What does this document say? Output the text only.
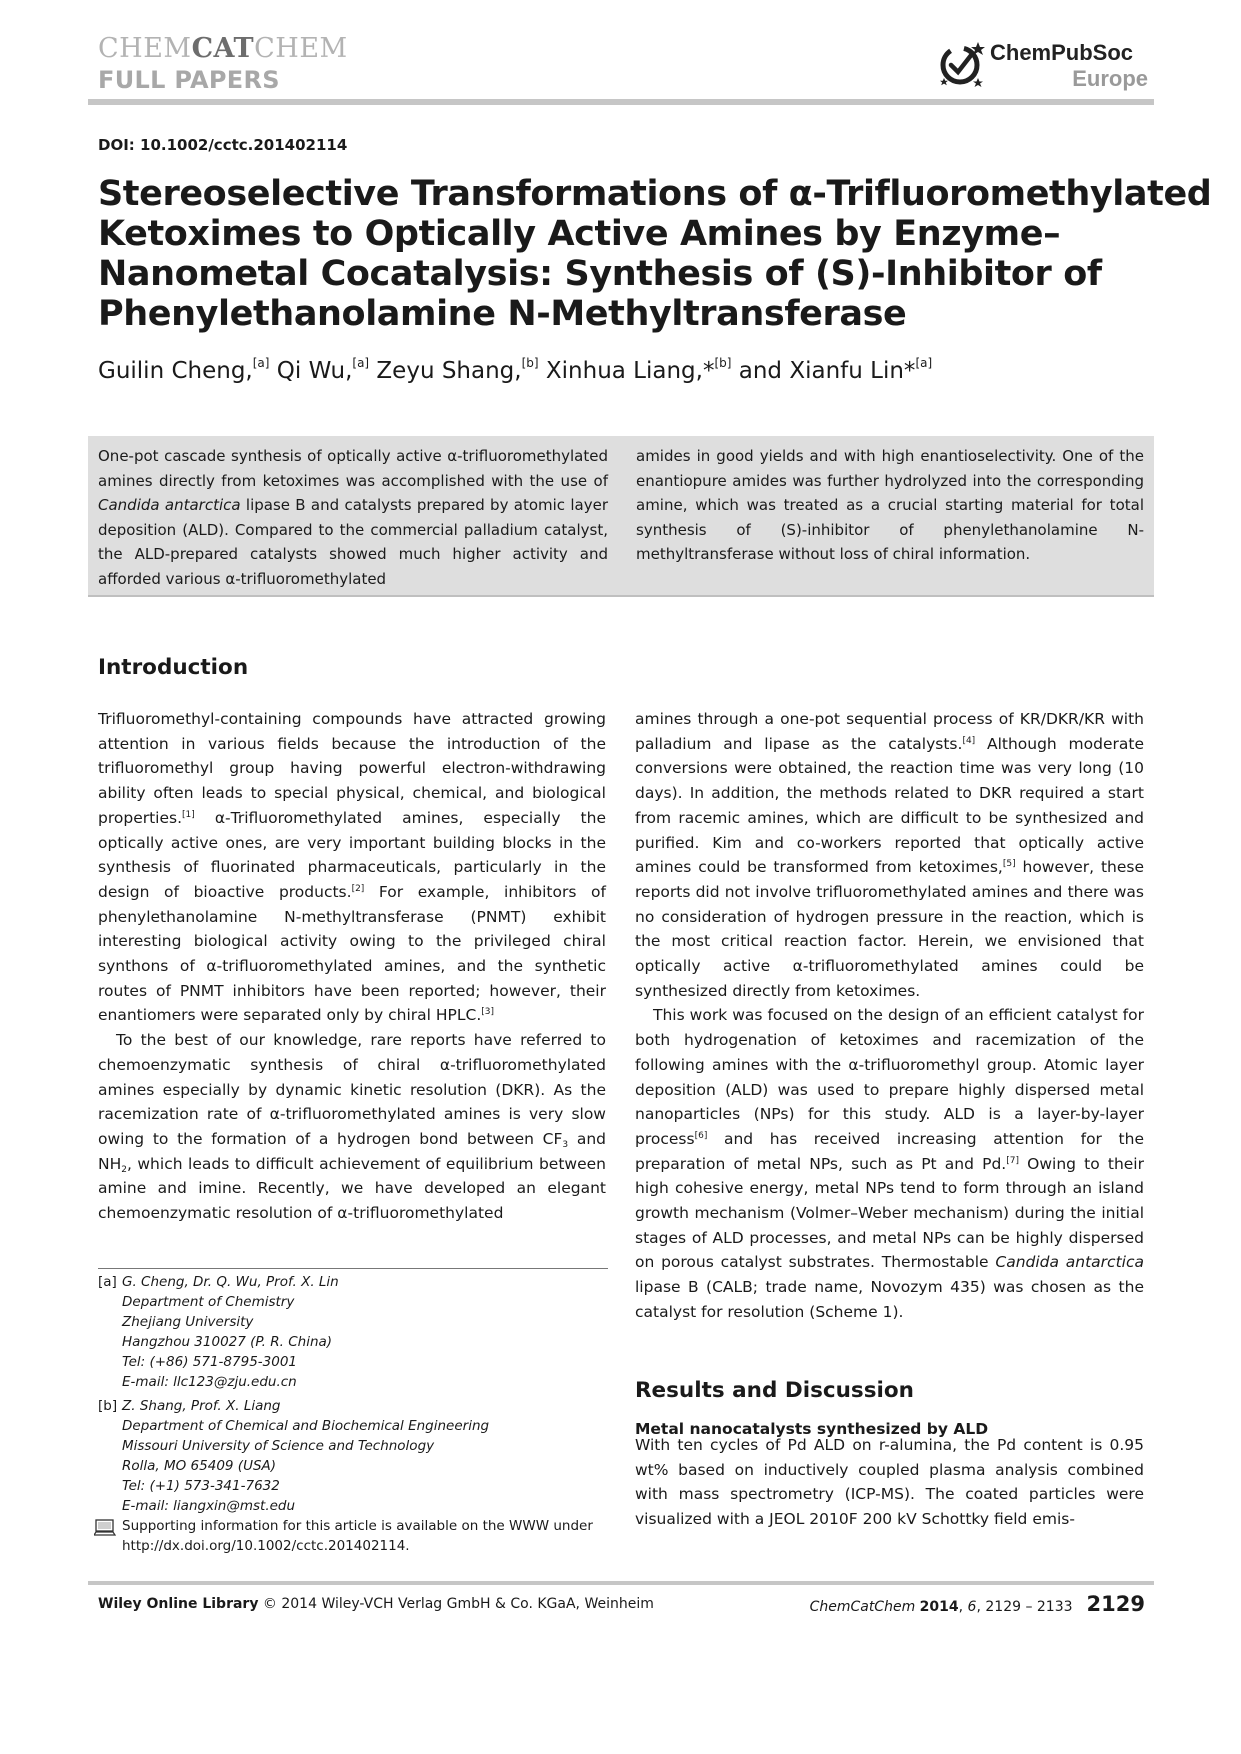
CHEMCATCHEM
FULL PAPERS
ChemPubSoc
Europe
DOI: 10.1002/cctc.201402114
Stereoselective Transformations of α-Trifluoromethylated
Ketoximes to Optically Active Amines by Enzyme–
Nanometal Cocatalysis: Synthesis of (S)-Inhibitor of
Phenylethanolamine N-Methyltransferase
Guilin Cheng,[a] Qi Wu,[a] Zeyu Shang,[b] Xinhua Liang,*[b] and Xianfu Lin*[a]
One-pot cascade synthesis of optically active α-trifluoromethylated amines directly from ketoximes was accomplished with the use of Candida antarctica lipase B and catalysts prepared by atomic layer deposition (ALD). Compared to the commercial palladium catalyst, the ALD-prepared catalysts showed much higher activity and afforded various α-trifluoromethylated
amides in good yields and with high enantioselectivity. One of the enantiopure amides was further hydrolyzed into the corresponding amine, which was treated as a crucial starting material for total synthesis of (S)-inhibitor of phenylethanolamine N-methyltransferase without loss of chiral information.
Introduction

Trifluoromethyl-containing compounds have attracted growing attention in various fields because the introduction of the trifluoromethyl group having powerful electron-withdrawing ability often leads to special physical, chemical, and biological properties.[1] α-Trifluoromethylated amines, especially the optically active ones, are very important building blocks in the synthesis of fluorinated pharmaceuticals, particularly in the design of bioactive products.[2] For example, inhibitors of phenylethanolamine N-methyltransferase (PNMT) exhibit interesting biological activity owing to the privileged chiral synthons of α-trifluoromethylated amines, and the synthetic routes of PNMT inhibitors have been reported; however, their enantiomers were separated only by chiral HPLC.[3]

To the best of our knowledge, rare reports have referred to chemoenzymatic synthesis of chiral α-trifluoromethylated amines especially by dynamic kinetic resolution (DKR). As the racemization rate of α-trifluoromethylated amines is very slow owing to the formation of a hydrogen bond between $CF_3$ and $NH_2$, which leads to difficult achievement of equilibrium between amine and imine. Recently, we have developed an elegant chemoenzymatic resolution of α-trifluoromethylated

amines through a one-pot sequential process of KR/DKR/KR with palladium and lipase as the catalysts.[4] Although moderate conversions were obtained, the reaction time was very long (10 days). In addition, the methods related to DKR required a start from racemic amines, which are difficult to be synthesized and purified. Kim and co-workers reported that optically active amines could be transformed from ketoximes,[5] however, these reports did not involve trifluoromethylated amines and there was no consideration of hydrogen pressure in the reaction, which is the most critical reaction factor. Herein, we envisioned that optically active α-trifluoromethylated amines could be synthesized directly from ketoximes.

This work was focused on the design of an efficient catalyst for both hydrogenation of ketoximes and racemization of the following amines with the α-trifluoromethyl group. Atomic layer deposition (ALD) was used to prepare highly dispersed metal nanoparticles (NPs) for this study. ALD is a layer-by-layer process[6] and has received increasing attention for the preparation of metal NPs, such as Pt and Pd.[7] Owing to their high cohesive energy, metal NPs tend to form through an island growth mechanism (Volmer–Weber mechanism) during the initial stages of ALD processes, and metal NPs can be highly dispersed on porous catalyst substrates. Thermostable Candida antarctica lipase B (CALB; trade name, Novozym 435) was chosen as the catalyst for resolution (Scheme 1).

Results and Discussion
Metal nanocatalysts synthesized by ALD
With ten cycles of Pd ALD on r-alumina, the Pd content is 0.95 wt% based on inductively coupled plasma analysis combined with mass spectrometry (ICP-MS). The coated particles were visualized with a JEOL 2010F 200 kV Schottky field emis-
[a] G. Cheng, Dr. Q. Wu, Prof. X. Lin
Department of Chemistry
Zhejiang University
Hangzhou 310027 (P. R. China)
Tel: (+86) 571-8795-3001
E-mail: llc123@zju.edu.cn
[b] Z. Shang, Prof. X. Liang
Department of Chemical and Biochemical Engineering
Missouri University of Science and Technology
Rolla, MO 65409 (USA)
Tel: (+1) 573-341-7632
E-mail: liangxin@mst.edu
Supporting information for this article is available on the WWW under
http://dx.doi.org/10.1002/cctc.201402114.
Wiley Online Library © 2014 Wiley-VCH Verlag GmbH & Co. KGaA, Weinheim	ChemCatChem 2014, 6, 2129 – 2133 2129
